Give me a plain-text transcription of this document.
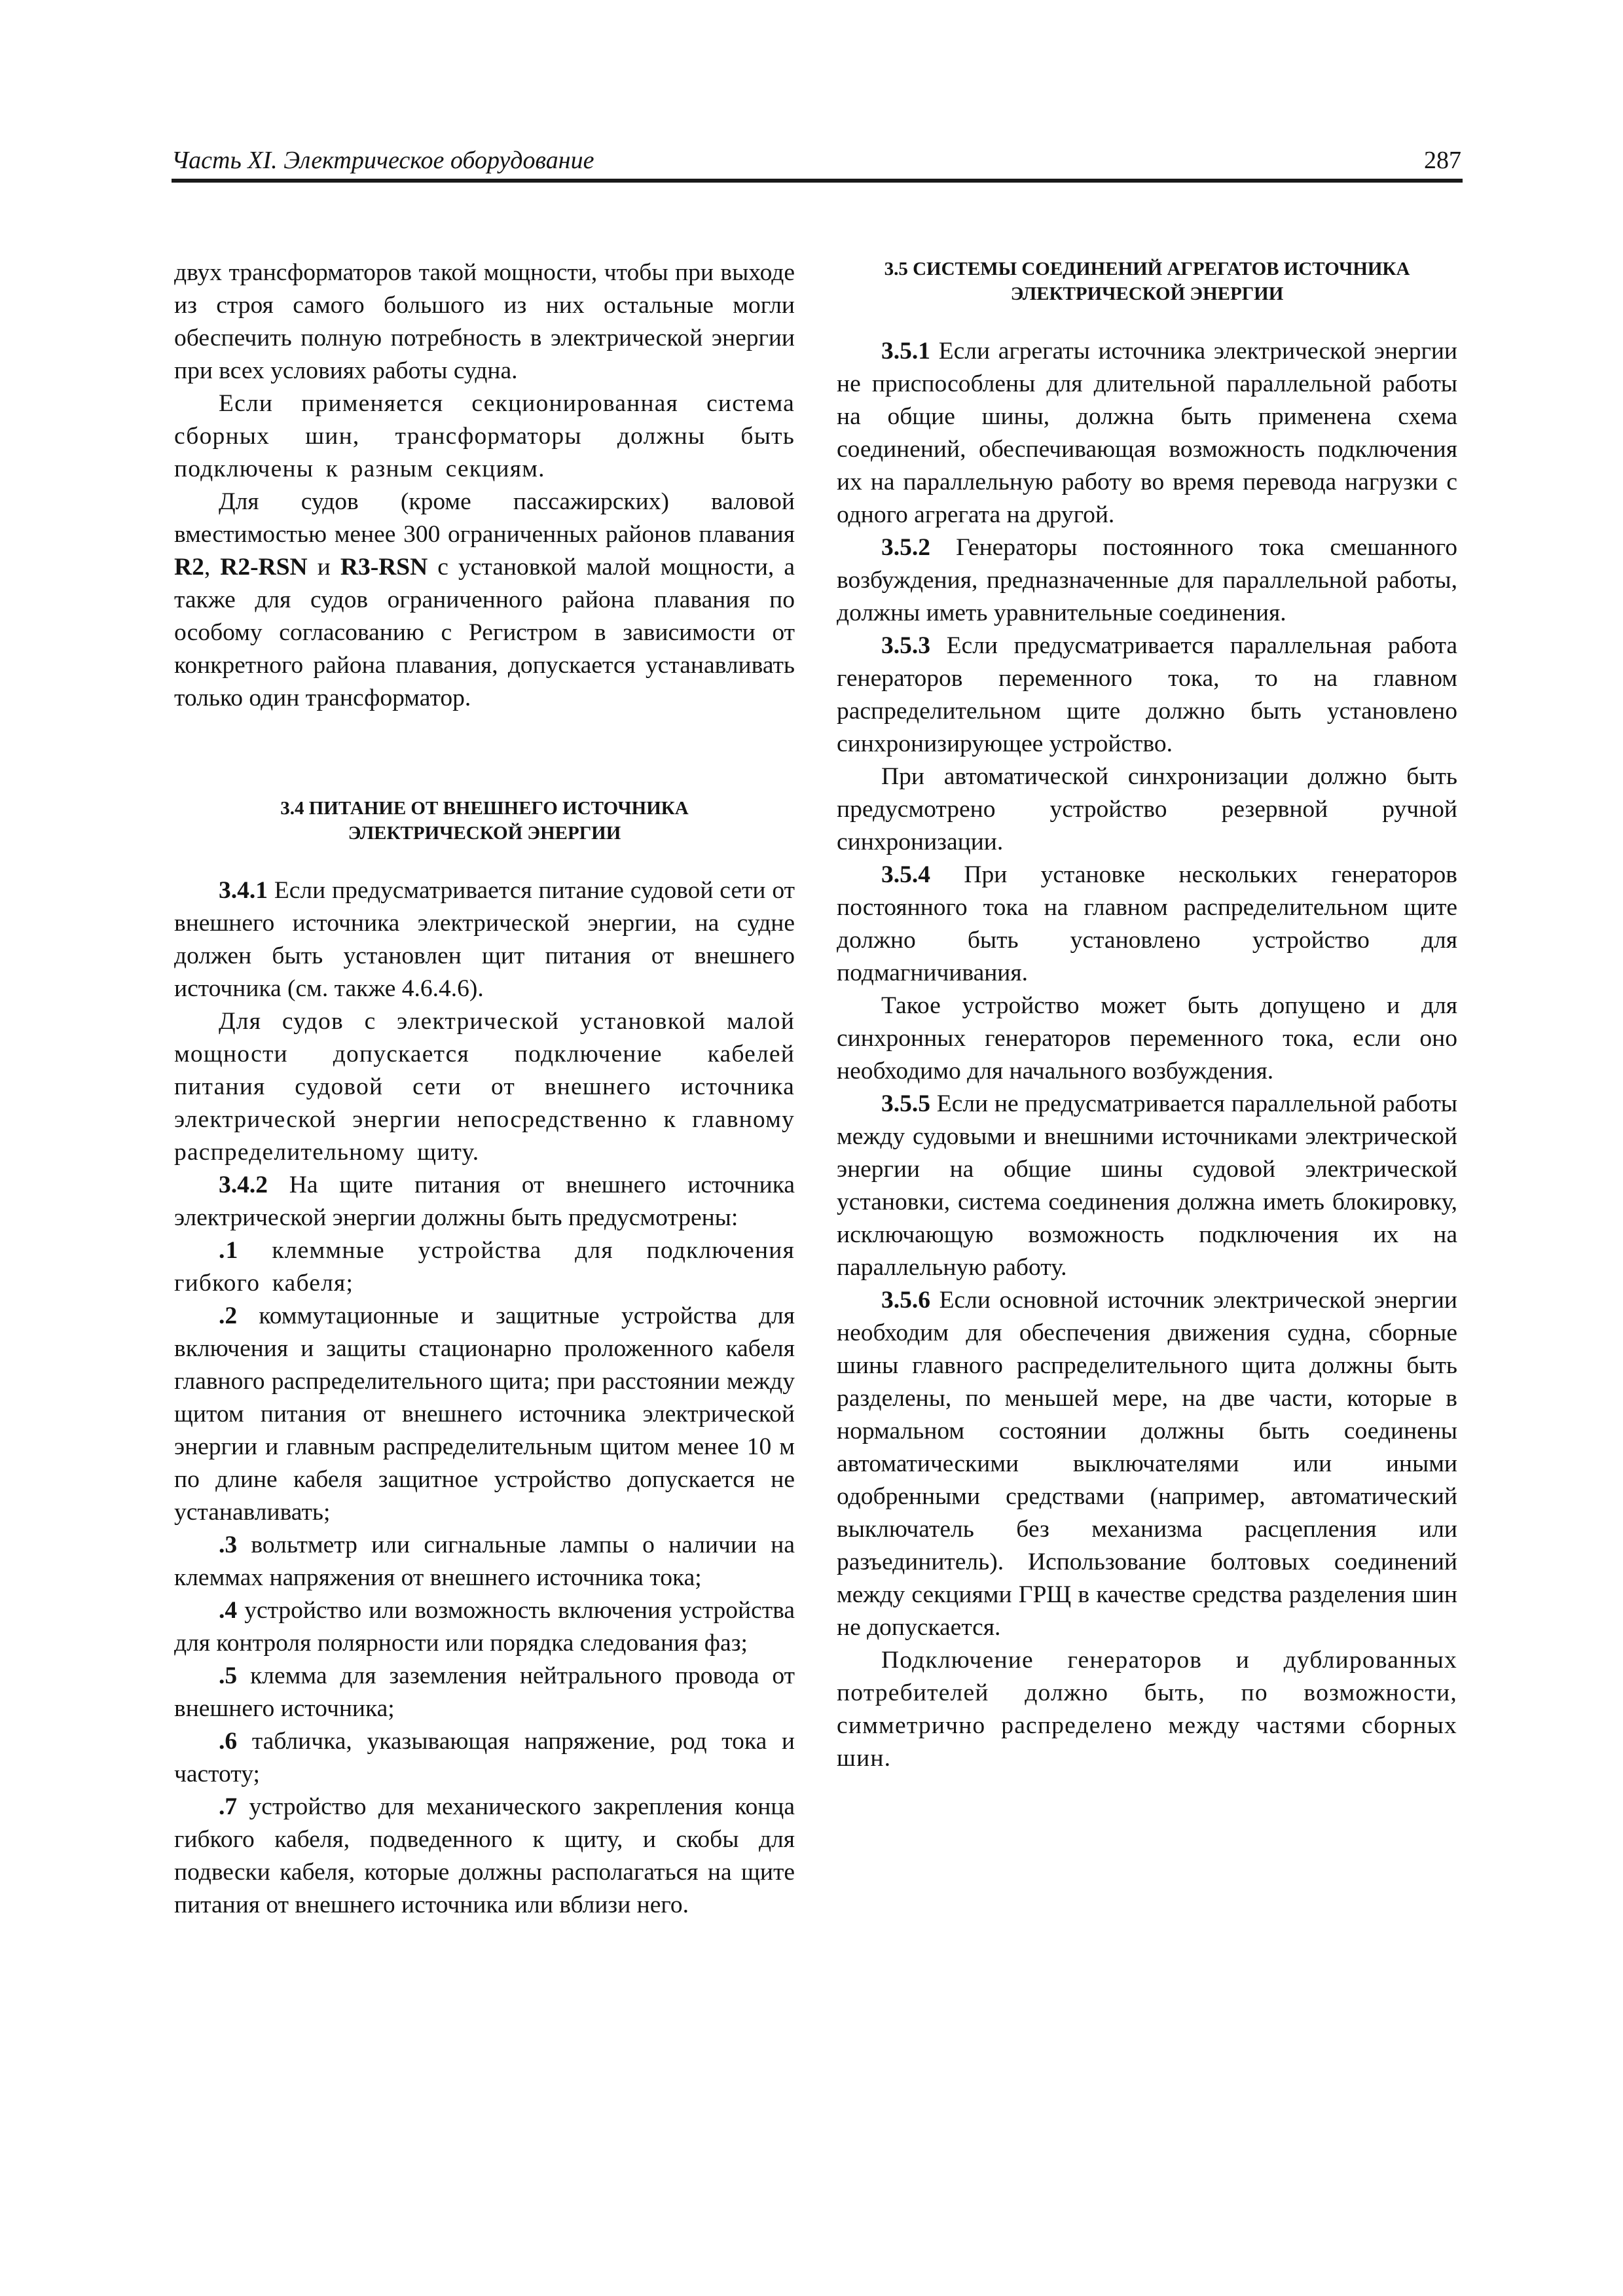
Часть XI. Электрическое оборудование	287

двух трансформаторов такой мощности, чтобы при выходе из строя самого большого из них остальные могли обеспечить полную потребность в электрической энергии при всех условиях работы судна.

Если применяется секционированная система сборных шин, трансформаторы должны быть подключены к разным секциям.

Для судов (кроме пассажирских) валовой вместимостью менее 300 ограниченных районов плавания R2, R2-RSN и R3-RSN с установкой малой мощности, а также для судов ограниченного района плавания по особому согласованию с Регистром в зависимости от конкретного района плавания, допускается устанавливать только один трансформатор.

3.4 ПИТАНИЕ ОТ ВНЕШНЕГО ИСТОЧНИКА
ЭЛЕКТРИЧЕСКОЙ ЭНЕРГИИ

3.4.1 Если предусматривается питание судовой сети от внешнего источника электрической энергии, на судне должен быть установлен щит питания от внешнего источника (см. также 4.6.4.6).

Для судов с электрической установкой малой мощности допускается подключение кабелей питания судовой сети от внешнего источника электрической энергии непосредственно к главному распределительному щиту.

3.4.2 На щите питания от внешнего источника электрической энергии должны быть предусмотрены:

.1 клеммные устройства для подключения гибкого кабеля;

.2 коммутационные и защитные устройства для включения и защиты стационарно проложенного кабеля главного распределительного щита; при расстоянии между щитом питания от внешнего источника электрической энергии и главным распределительным щитом менее 10 м по длине кабеля защитное устройство допускается не устанавливать;

.3 вольтметр или сигнальные лампы о наличии на клеммах напряжения от внешнего источника тока;

.4 устройство или возможность включения устройства для контроля полярности или порядка следования фаз;

.5 клемма для заземления нейтрального провода от внешнего источника;

.6 табличка, указывающая напряжение, род тока и частоту;

.7 устройство для механического закрепления конца гибкого кабеля, подведенного к щиту, и скобы для подвески кабеля, которые должны располагаться на щите питания от внешнего источника или вблизи него.

3.5 СИСТЕМЫ СОЕДИНЕНИЙ АГРЕГАТОВ ИСТОЧНИКА
ЭЛЕКТРИЧЕСКОЙ ЭНЕРГИИ

3.5.1 Если агрегаты источника электрической энергии не приспособлены для длительной параллельной работы на общие шины, должна быть применена схема соединений, обеспечивающая возможность подключения их на параллельную работу во время перевода нагрузки с одного агрегата на другой.

3.5.2 Генераторы постоянного тока смешанного возбуждения, предназначенные для параллельной работы, должны иметь уравнительные соединения.

3.5.3 Если предусматривается параллельная работа генераторов переменного тока, то на главном распределительном щите должно быть установлено синхронизирующее устройство.

При автоматической синхронизации должно быть предусмотрено устройство резервной ручной синхронизации.

3.5.4 При установке нескольких генераторов постоянного тока на главном распределительном щите должно быть установлено устройство для подмагничивания.

Такое устройство может быть допущено и для синхронных генераторов переменного тока, если оно необходимо для начального возбуждения.

3.5.5 Если не предусматривается параллельной работы между судовыми и внешними источниками электрической энергии на общие шины судовой электрической установки, система соединения должна иметь блокировку, исключающую возможность подключения их на параллельную работу.

3.5.6 Если основной источник электрической энергии необходим для обеспечения движения судна, сборные шины главного распределительного щита должны быть разделены, по меньшей мере, на две части, которые в нормальном состоянии должны быть соединены автоматическими выключателями или иными одобренными средствами (например, автоматический выключатель без механизма расцепления или разъединитель). Использование болтовых соединений между секциями ГРЩ в качестве средства разделения шин не допускается.

Подключение генераторов и дублированных потребителей должно быть, по возможности, симметрично распределено между частями сборных шин.
